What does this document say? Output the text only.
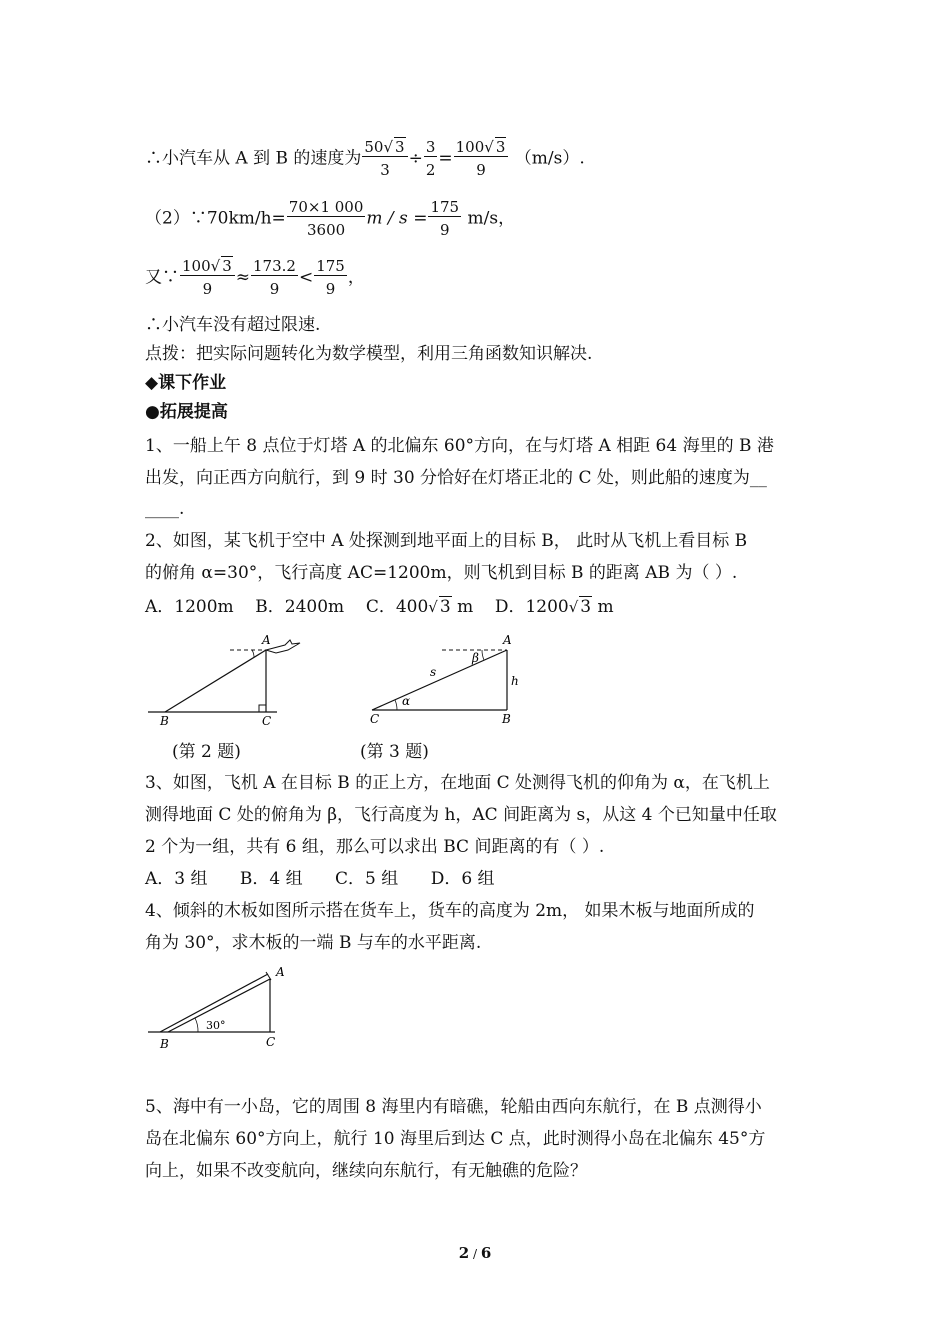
∴小汽车从 A 到 B 的速度为 $\frac{50√ 3}{3} \div \frac{3}{2} = \frac{100√ 3}{9} (m/s)$.
（2）∵70km/h= $\frac{70\times 1 000}{3600}$ $m / s = \frac{175}{9} m/s$，
又∵ $\frac{100√ 3}{9} \approx \frac{173.2}{9} < \frac{175}{9}$ ，
∴小汽车没有超过限速.
点拨：把实际问题转化为数学模型，利用三角函数知识解决.
◆课下作业
●拓展提高
1、一船上午 8 点位于灯塔 A 的北偏东 60°方向，在与灯塔 A 相距 64 海里的 B 港
出发，向正西方向航行，到 9 时 30 分恰好在灯塔正北的 C 处，则此船的速度为__
____.
2、如图，某飞机于空中 A 处探测到地平面上的目标 B， 此时从飞机上看目标 B
的俯角 α=30°，飞行高度 AC=1200m，则飞机到目标 B 的距离 AB 为（ ）.
A．1200m B．2400m C．400√ 3 m D．1200√ 3 m
A
B	C
A
C	B
s
h
α
β
(第 2 题)	(第 3 题)
3、如图，飞机 A 在目标 B 的正上方，在地面 C 处测得飞机的仰角为 α，在飞机上
测得地面 C 处的俯角为 β，飞行高度为 h，AC 间距离为 s，从这 4 个已知量中任取
2 个为一组，共有 6 组，那么可以求出 BC 间距离的有（ ）.
A．3 组      B．4 组      C．5 组      D．6 组
4、倾斜的木板如图所示搭在货车上，货车的高度为 2m， 如果木板与地面所成的
角为 30°，求木板的一端 B 与车的水平距离.
A
B	C
30°
5、海中有一小岛，它的周围 8 海里内有暗礁，轮船由西向东航行，在 B 点测得小
岛在北偏东 60°方向上，航行 10 海里后到达 C 点，此时测得小岛在北偏东 45°方
向上，如果不改变航向，继续向东航行，有无触礁的危险？
2 / 6
